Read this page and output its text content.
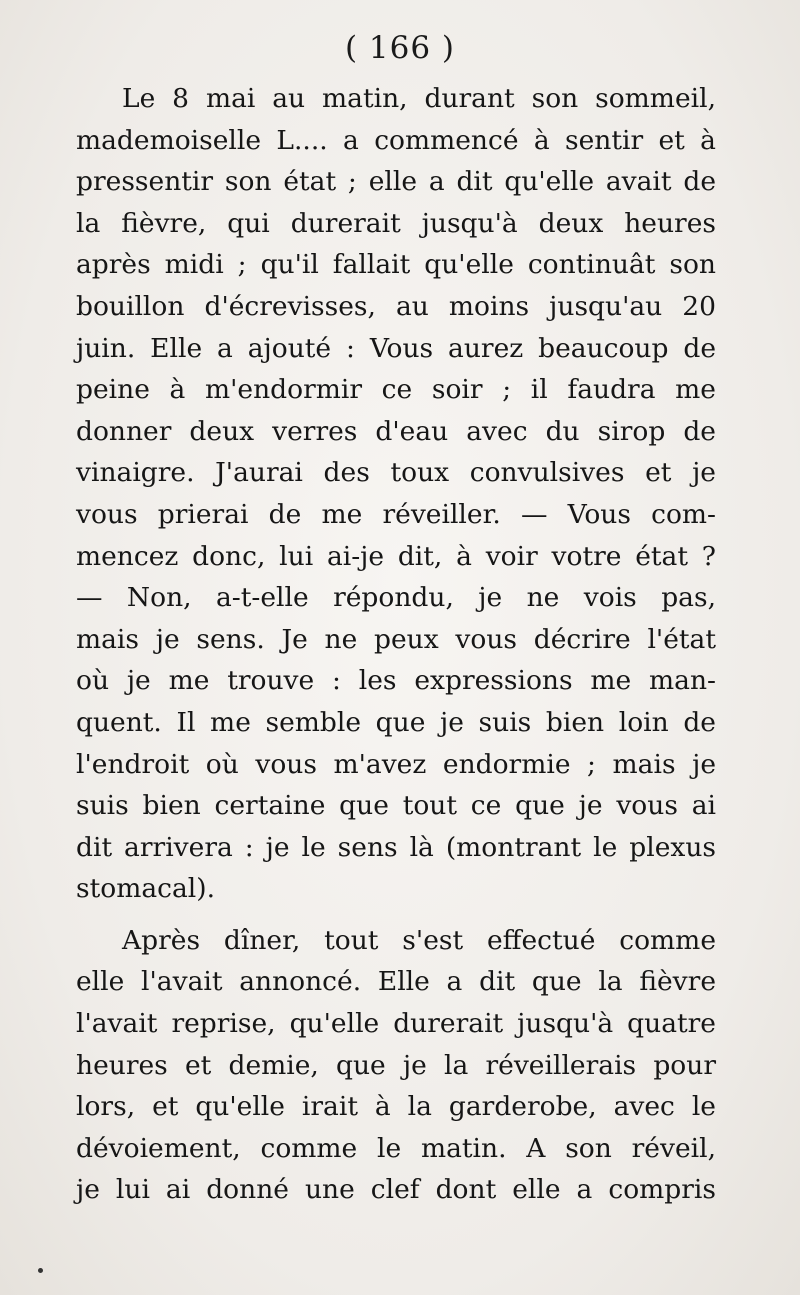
( 166 )
Le 8 mai au matin, durant son sommeil,
mademoiselle L.... a commencé à sentir et à
pressentir son état ; elle a dit qu'elle avait de
la fièvre, qui durerait jusqu'à deux heures
après midi ; qu'il fallait qu'elle continuât son
bouillon d'écrevisses, au moins jusqu'au 20
juin. Elle a ajouté : Vous aurez beaucoup de
peine à m'endormir ce soir ; il faudra me
donner deux verres d'eau avec du sirop de
vinaigre. J'aurai des toux convulsives et je
vous prierai de me réveiller. — Vous com-
mencez donc, lui ai-je dit, à voir votre état ?
— Non, a-t-elle répondu, je ne vois pas,
mais je sens. Je ne peux vous décrire l'état
où je me trouve : les expressions me man-
quent. Il me semble que je suis bien loin de
l'endroit où vous m'avez endormie ; mais je
suis bien certaine que tout ce que je vous ai
dit arrivera : je le sens là (montrant le plexus
stomacal).
Après dîner, tout s'est effectué comme
elle l'avait annoncé. Elle a dit que la fièvre
l'avait reprise, qu'elle durerait jusqu'à quatre
heures et demie, que je la réveillerais pour
lors, et qu'elle irait à la garderobe, avec le
dévoiement, comme le matin. A son réveil,
je lui ai donné une clef dont elle a compris
